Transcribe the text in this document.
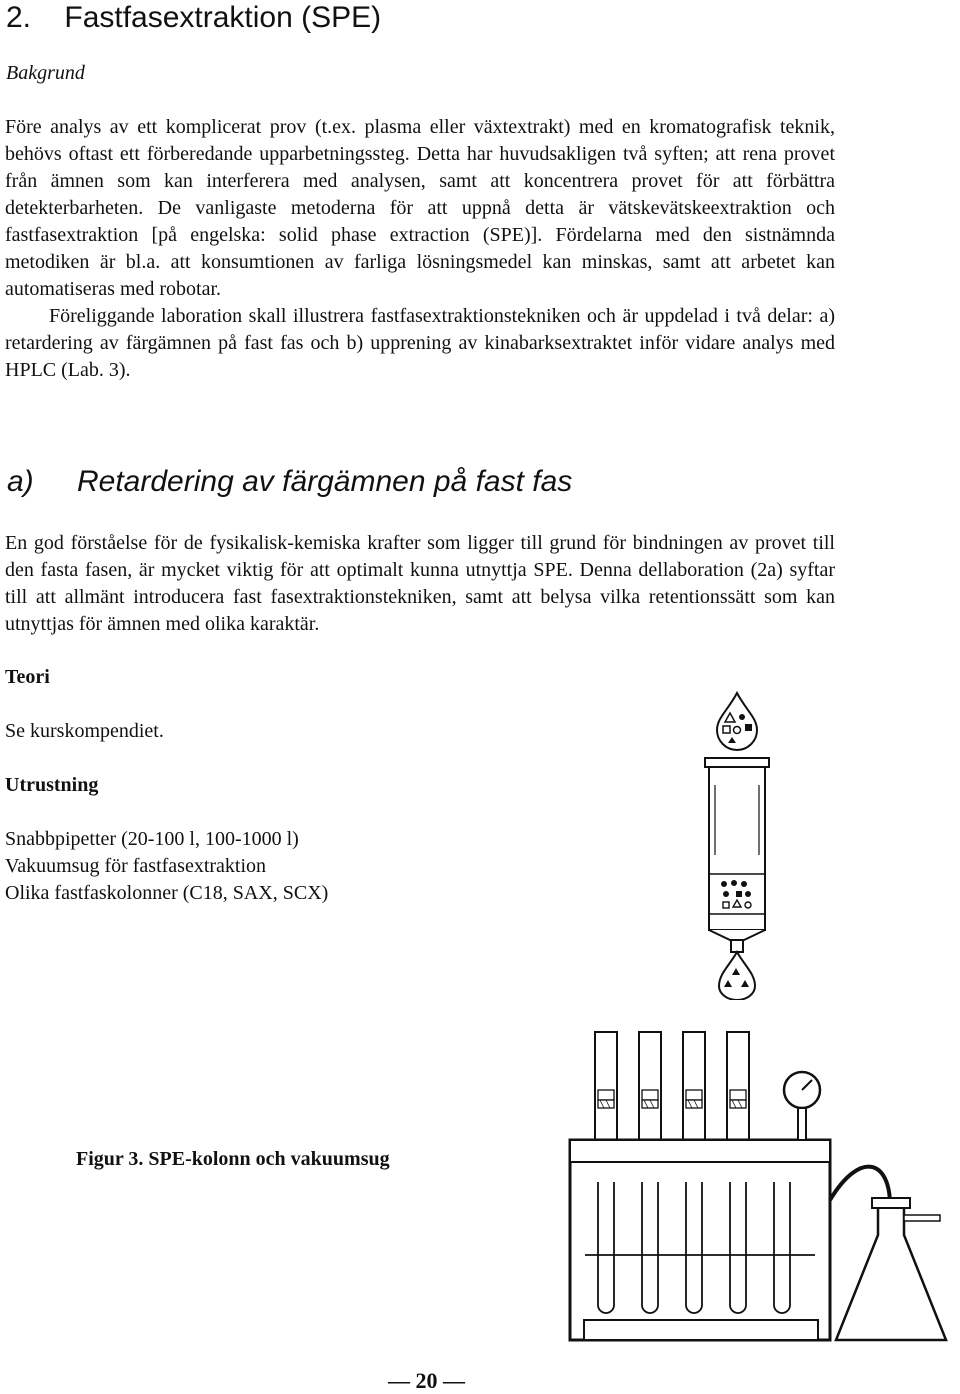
2. Fastfasextraktion (SPE)
Bakgrund

Före analys av ett komplicerat prov (t.ex. plasma eller växtextrakt) med en kromatografisk teknik, behövs oftast ett förberedande upparbetningssteg. Detta har huvudsakligen två syften; att rena provet från ämnen som kan interferera med analysen, samt att koncentrera provet för att förbättra detekterbarheten. De vanligaste metoderna för att uppnå detta är vätskevätskeextraktion och fastfasextraktion [på engelska: solid phase extraction (SPE)]. Fördelarna med den sistnämnda metodiken är bl.a. att konsumtionen av farliga lösningsmedel kan minskas, samt att arbetet kan automatiseras med robotar.

Föreliggande laboration skall illustrera fastfasextraktionstekniken och är uppdelad i två delar: a) retardering av färgämnen på fast fas och b) upprening av kinabarksextraktet inför vidare analys med HPLC (Lab. 3).

a) Retardering av färgämnen på fast fas

En god förståelse för de fysikalisk-kemiska krafter som ligger till grund för bindningen av provet till den fasta fasen, är mycket viktig för att optimalt kunna utnyttja SPE. Denna dellaboration (2a) syftar till att allmänt introducera fast fasextraktionstekniken, samt att belysa vilka retentionssätt som kan utnyttjas för ämnen med olika karaktär.

Teori
Se kurskompendiet.
Utrustning
Snabbpipetter (20-100 l, 100-1000 l)
Vakuumsug för fastfasextraktion
Olika fastfaskolonner (C18, SAX, SCX)
Figur 3. SPE-kolonn och vakuumsug
— 20 —
